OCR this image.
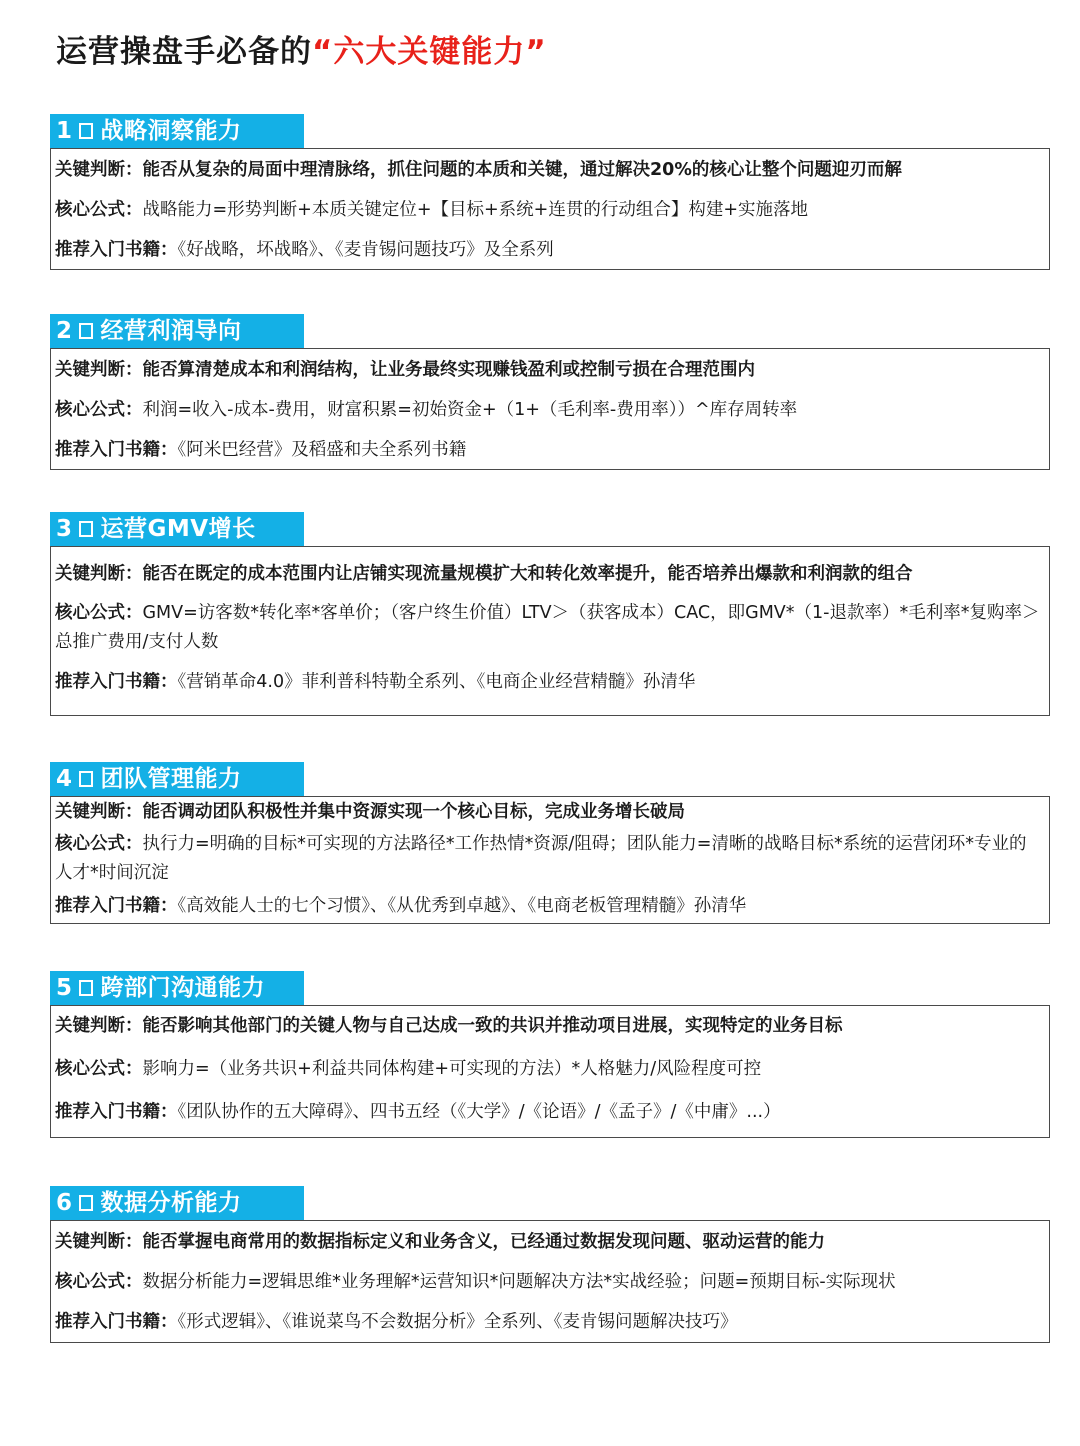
运营操盘手必备的“六大关键能力”
1 战略洞察能力
关键判断：能否从复杂的局面中理清脉络，抓住问题的本质和关键，通过解决20%的核心让整个问题迎刃而解
核心公式：战略能力=形势判断+本质关键定位+【目标+系统+连贯的行动组合】构建+实施落地
推荐入门书籍：《好战略，坏战略》、《麦肯锡问题技巧》及全系列
2 经营利润导向
关键判断：能否算清楚成本和利润结构，让业务最终实现赚钱盈利或控制亏损在合理范围内
核心公式：利润=收入-成本-费用，财富积累=初始资金+（1+（毛利率-费用率））^库存周转率
推荐入门书籍：《阿米巴经营》及稻盛和夫全系列书籍
3 运营GMV增长
关键判断：能否在既定的成本范围内让店铺实现流量规模扩大和转化效率提升，能否培养出爆款和利润款的组合
核心公式：GMV=访客数*转化率*客单价；（客户终生价值）LTV＞（获客成本）CAC，即GMV*（1-退款率）*毛利率*复购率＞总推广费用/支付人数
推荐入门书籍：《营销革命4.0》菲利普科特勒全系列、《电商企业经营精髓》孙清华
4 团队管理能力
关键判断：能否调动团队积极性并集中资源实现一个核心目标，完成业务增长破局
核心公式：执行力=明确的目标*可实现的方法路径*工作热情*资源/阻碍；团队能力=清晰的战略目标*系统的运营闭环*专业的人才*时间沉淀
推荐入门书籍：《高效能人士的七个习惯》、《从优秀到卓越》、《电商老板管理精髓》孙清华
5 跨部门沟通能力
关键判断：能否影响其他部门的关键人物与自己达成一致的共识并推动项目进展，实现特定的业务目标
核心公式：影响力=（业务共识+利益共同体构建+可实现的方法）*人格魅力/风险程度可控
推荐入门书籍：《团队协作的五大障碍》、四书五经（《大学》/《论语》/《孟子》/《中庸》...）
6 数据分析能力
关键判断：能否掌握电商常用的数据指标定义和业务含义，已经通过数据发现问题、驱动运营的能力
核心公式：数据分析能力=逻辑思维*业务理解*运营知识*问题解决方法*实战经验；问题=预期目标-实际现状
推荐入门书籍：《形式逻辑》、《谁说菜鸟不会数据分析》全系列、《麦肯锡问题解决技巧》
